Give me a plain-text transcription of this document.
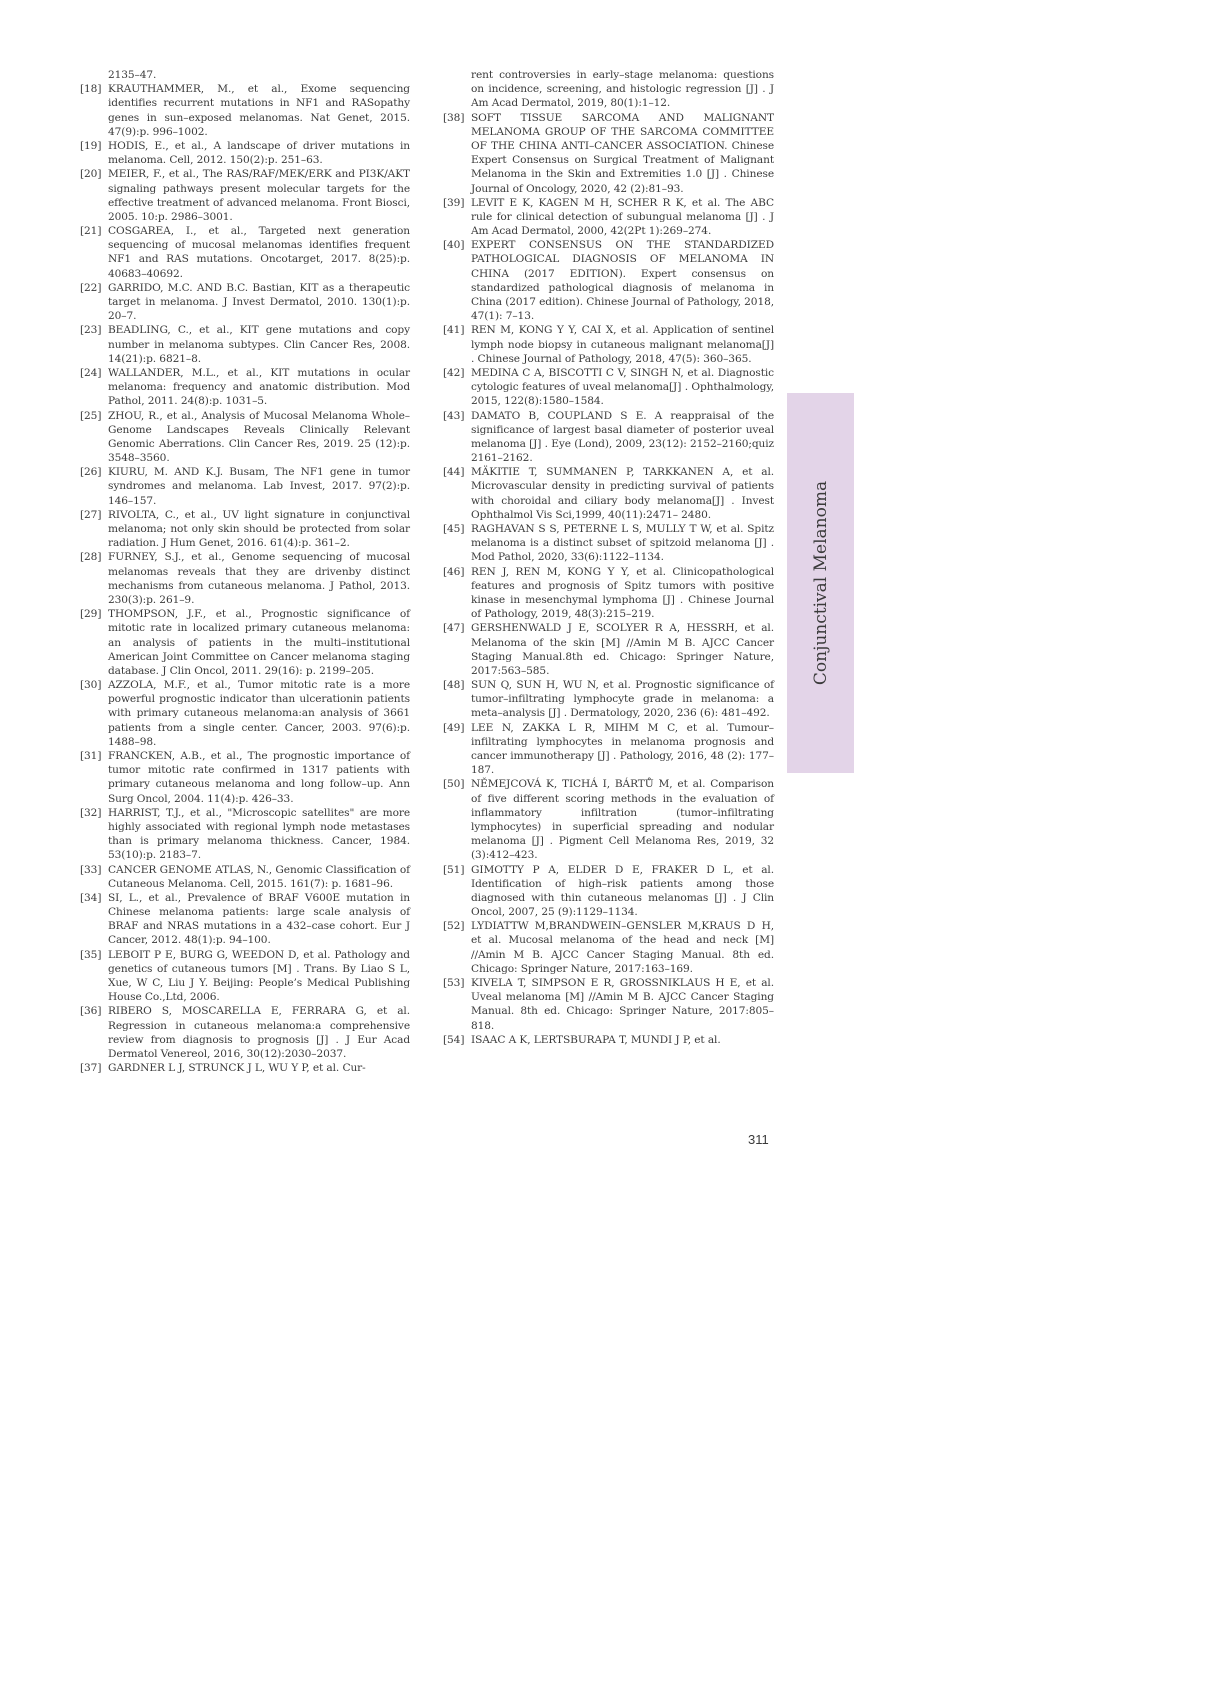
2135–47.

[18] KRAUTHAMMER, M., et al., Exome sequencing identifies recurrent mutations in NF1 and RASopathy genes in sun–exposed melanomas. Nat Genet, 2015. 47(9):p. 996–1002.

[19] HODIS, E., et al., A landscape of driver mutations in melanoma. Cell, 2012. 150(2):p. 251–63.

[20] MEIER, F., et al., The RAS/RAF/MEK/ERK and PI3K/AKT signaling pathways present molecular targets for the effective treatment of advanced melanoma. Front Biosci, 2005. 10:p. 2986–3001.

[21] COSGAREA, I., et al., Targeted next generation sequencing of mucosal melanomas identifies frequent NF1 and RAS mutations. Oncotarget, 2017. 8(25):p. 40683–40692.

[22] GARRIDO, M.C. AND B.C. Bastian, KIT as a therapeutic target in melanoma. J Invest Dermatol, 2010. 130(1):p. 20–7.

[23] BEADLING, C., et al., KIT gene mutations and copy number in melanoma subtypes. Clin Cancer Res, 2008. 14(21):p. 6821–8.

[24] WALLANDER, M.L., et al., KIT mutations in ocular melanoma: frequency and anatomic distribution. Mod Pathol, 2011. 24(8):p. 1031–5.

[25] ZHOU, R., et al., Analysis of Mucosal Melanoma Whole–Genome Landscapes Reveals Clinically Relevant Genomic Aberrations. Clin Cancer Res, 2019. 25 (12):p. 3548–3560.

[26] KIURU, M. AND K.J. Busam, The NF1 gene in tumor syndromes and melanoma. Lab Invest, 2017. 97(2):p. 146–157.

[27] RIVOLTA, C., et al., UV light signature in conjunctival melanoma; not only skin should be protected from solar radiation. J Hum Genet, 2016. 61(4):p. 361–2.

[28] FURNEY, S.J., et al., Genome sequencing of mucosal melanomas reveals that they are drivenby distinct mechanisms from cutaneous melanoma. J Pathol, 2013. 230(3):p. 261–9.

[29] THOMPSON, J.F., et al., Prognostic significance of mitotic rate in localized primary cutaneous melanoma: an analysis of patients in the multi–institutional American Joint Committee on Cancer melanoma staging database. J Clin Oncol, 2011. 29(16): p. 2199–205.

[30] AZZOLA, M.F., et al., Tumor mitotic rate is a more powerful prognostic indicator than ulcerationin patients with primary cutaneous melanoma:an analysis of 3661 patients from a single center. Cancer, 2003. 97(6):p. 1488–98.

[31] FRANCKEN, A.B., et al., The prognostic importance of tumor mitotic rate confirmed in 1317 patients with primary cutaneous melanoma and long follow–up. Ann Surg Oncol, 2004. 11(4):p. 426–33.

[32] HARRIST, T.J., et al., "Microscopic satellites" are more highly associated with regional lymph node metastases than is primary melanoma thickness. Cancer, 1984. 53(10):p. 2183–7.

[33] CANCER GENOME ATLAS, N., Genomic Classification of Cutaneous Melanoma. Cell, 2015. 161(7): p. 1681–96.

[34] SI, L., et al., Prevalence of BRAF V600E mutation in Chinese melanoma patients: large scale analysis of BRAF and NRAS mutations in a 432–case cohort. Eur J Cancer, 2012. 48(1):p. 94–100.

[35] LEBOIT P E, BURG G, WEEDON D, et al. Pathology and genetics of cutaneous tumors [M] . Trans. By Liao S L, Xue, W C, Liu J Y. Beijing: People’s Medical Publishing House Co.,Ltd, 2006.

[36] RIBERO S, MOSCARELLA E, FERRARA G, et al. Regression in cutaneous melanoma:a comprehensive review from diagnosis to prognosis [J] . J Eur Acad Dermatol Venereol, 2016, 30(12):2030–2037.

[37] GARDNER L J, STRUNCK J L, WU Y P, et al. Cur-

rent controversies in early–stage melanoma: questions on incidence, screening, and histologic regression [J] . J Am Acad Dermatol, 2019, 80(1):1–12.

[38] SOFT TISSUE SARCOMA AND MALIGNANT MELANOMA GROUP OF THE SARCOMA COMMITTEE OF THE CHINA ANTI–CANCER ASSOCIATION. Chinese Expert Consensus on Surgical Treatment of Malignant Melanoma in the Skin and Extremities 1.0 [J] . Chinese Journal of Oncology, 2020, 42 (2):81–93.

[39] LEVIT E K, KAGEN M H, SCHER R K, et al. The ABC rule for clinical detection of subungual melanoma [J] . J Am Acad Dermatol, 2000, 42(2Pt 1):269–274.

[40] EXPERT CONSENSUS ON THE STANDARDIZED PATHOLOGICAL DIAGNOSIS OF MELANOMA IN CHINA (2017 EDITION). Expert consensus on standardized pathological diagnosis of melanoma in China (2017 edition). Chinese Journal of Pathology, 2018, 47(1): 7–13.

[41] REN M, KONG Y Y, CAI X, et al. Application of sentinel lymph node biopsy in cutaneous malignant melanoma[J] . Chinese Journal of Pathology, 2018, 47(5): 360–365.

[42] MEDINA C A, BISCOTTI C V, SINGH N, et al. Diagnostic cytologic features of uveal melanoma[J] . Ophthalmology, 2015, 122(8):1580–1584.

[43] DAMATO B, COUPLAND S E. A reappraisal of the significance of largest basal diameter of posterior uveal melanoma [J] . Eye (Lond), 2009, 23(12): 2152–2160;quiz 2161–2162.

[44] MÄKITIE T, SUMMANEN P, TARKKANEN A, et al. Microvascular density in predicting survival of patients with choroidal and ciliary body melanoma[J] . Invest Ophthalmol Vis Sci,1999, 40(11):2471– 2480.

[45] RAGHAVAN S S, PETERNE L S, MULLY T W, et al. Spitz melanoma is a distinct subset of spitzoid melanoma [J] . Mod Pathol, 2020, 33(6):1122–1134.

[46] REN J, REN M, KONG Y Y, et al. Clinicopathological features and prognosis of Spitz tumors with positive kinase in mesenchymal lymphoma [J] . Chinese Journal of Pathology, 2019, 48(3):215–219.

[47] GERSHENWALD J E, SCOLYER R A, HESSRH, et al. Melanoma of the skin [M] //Amin M B. AJCC Cancer Staging Manual.8th ed. Chicago: Springer Nature, 2017:563–585.

[48] SUN Q, SUN H, WU N, et al. Prognostic significance of tumor–infiltrating lymphocyte grade in melanoma: a meta–analysis [J] . Dermatology, 2020, 236 (6): 481–492.

[49] LEE N, ZAKKA L R, MIHM M C, et al. Tumour–infiltrating lymphocytes in melanoma prognosis and cancer immunotherapy [J] . Pathology, 2016, 48 (2): 177–187.

[50] NĚMEJCOVÁ K, TICHÁ I, BÁRTŮ M, et al. Comparison of five different scoring methods in the evaluation of inflammatory infiltration (tumor–infiltrating lymphocytes) in superficial spreading and nodular melanoma [J] . Pigment Cell Melanoma Res, 2019, 32 (3):412–423.

[51] GIMOTTY P A, ELDER D E, FRAKER D L, et al. Identification of high–risk patients among those diagnosed with thin cutaneous melanomas [J] . J Clin Oncol, 2007, 25 (9):1129–1134.

[52] LYDIATTW M,BRANDWEIN–GENSLER M,KRAUS D H, et al. Mucosal melanoma of the head and neck [M] //Amin M B. AJCC Cancer Staging Manual. 8th ed. Chicago: Springer Nature, 2017:163–169.

[53] KIVELA T, SIMPSON E R, GROSSNIKLAUS H E, et al. Uveal melanoma [M] //Amin M B. AJCC Cancer Staging Manual. 8th ed. Chicago: Springer Nature, 2017:805–818.

[54] ISAAC A K, LERTSBURAPA T, MUNDI J P, et al.

Conjunctival Melanoma
311
